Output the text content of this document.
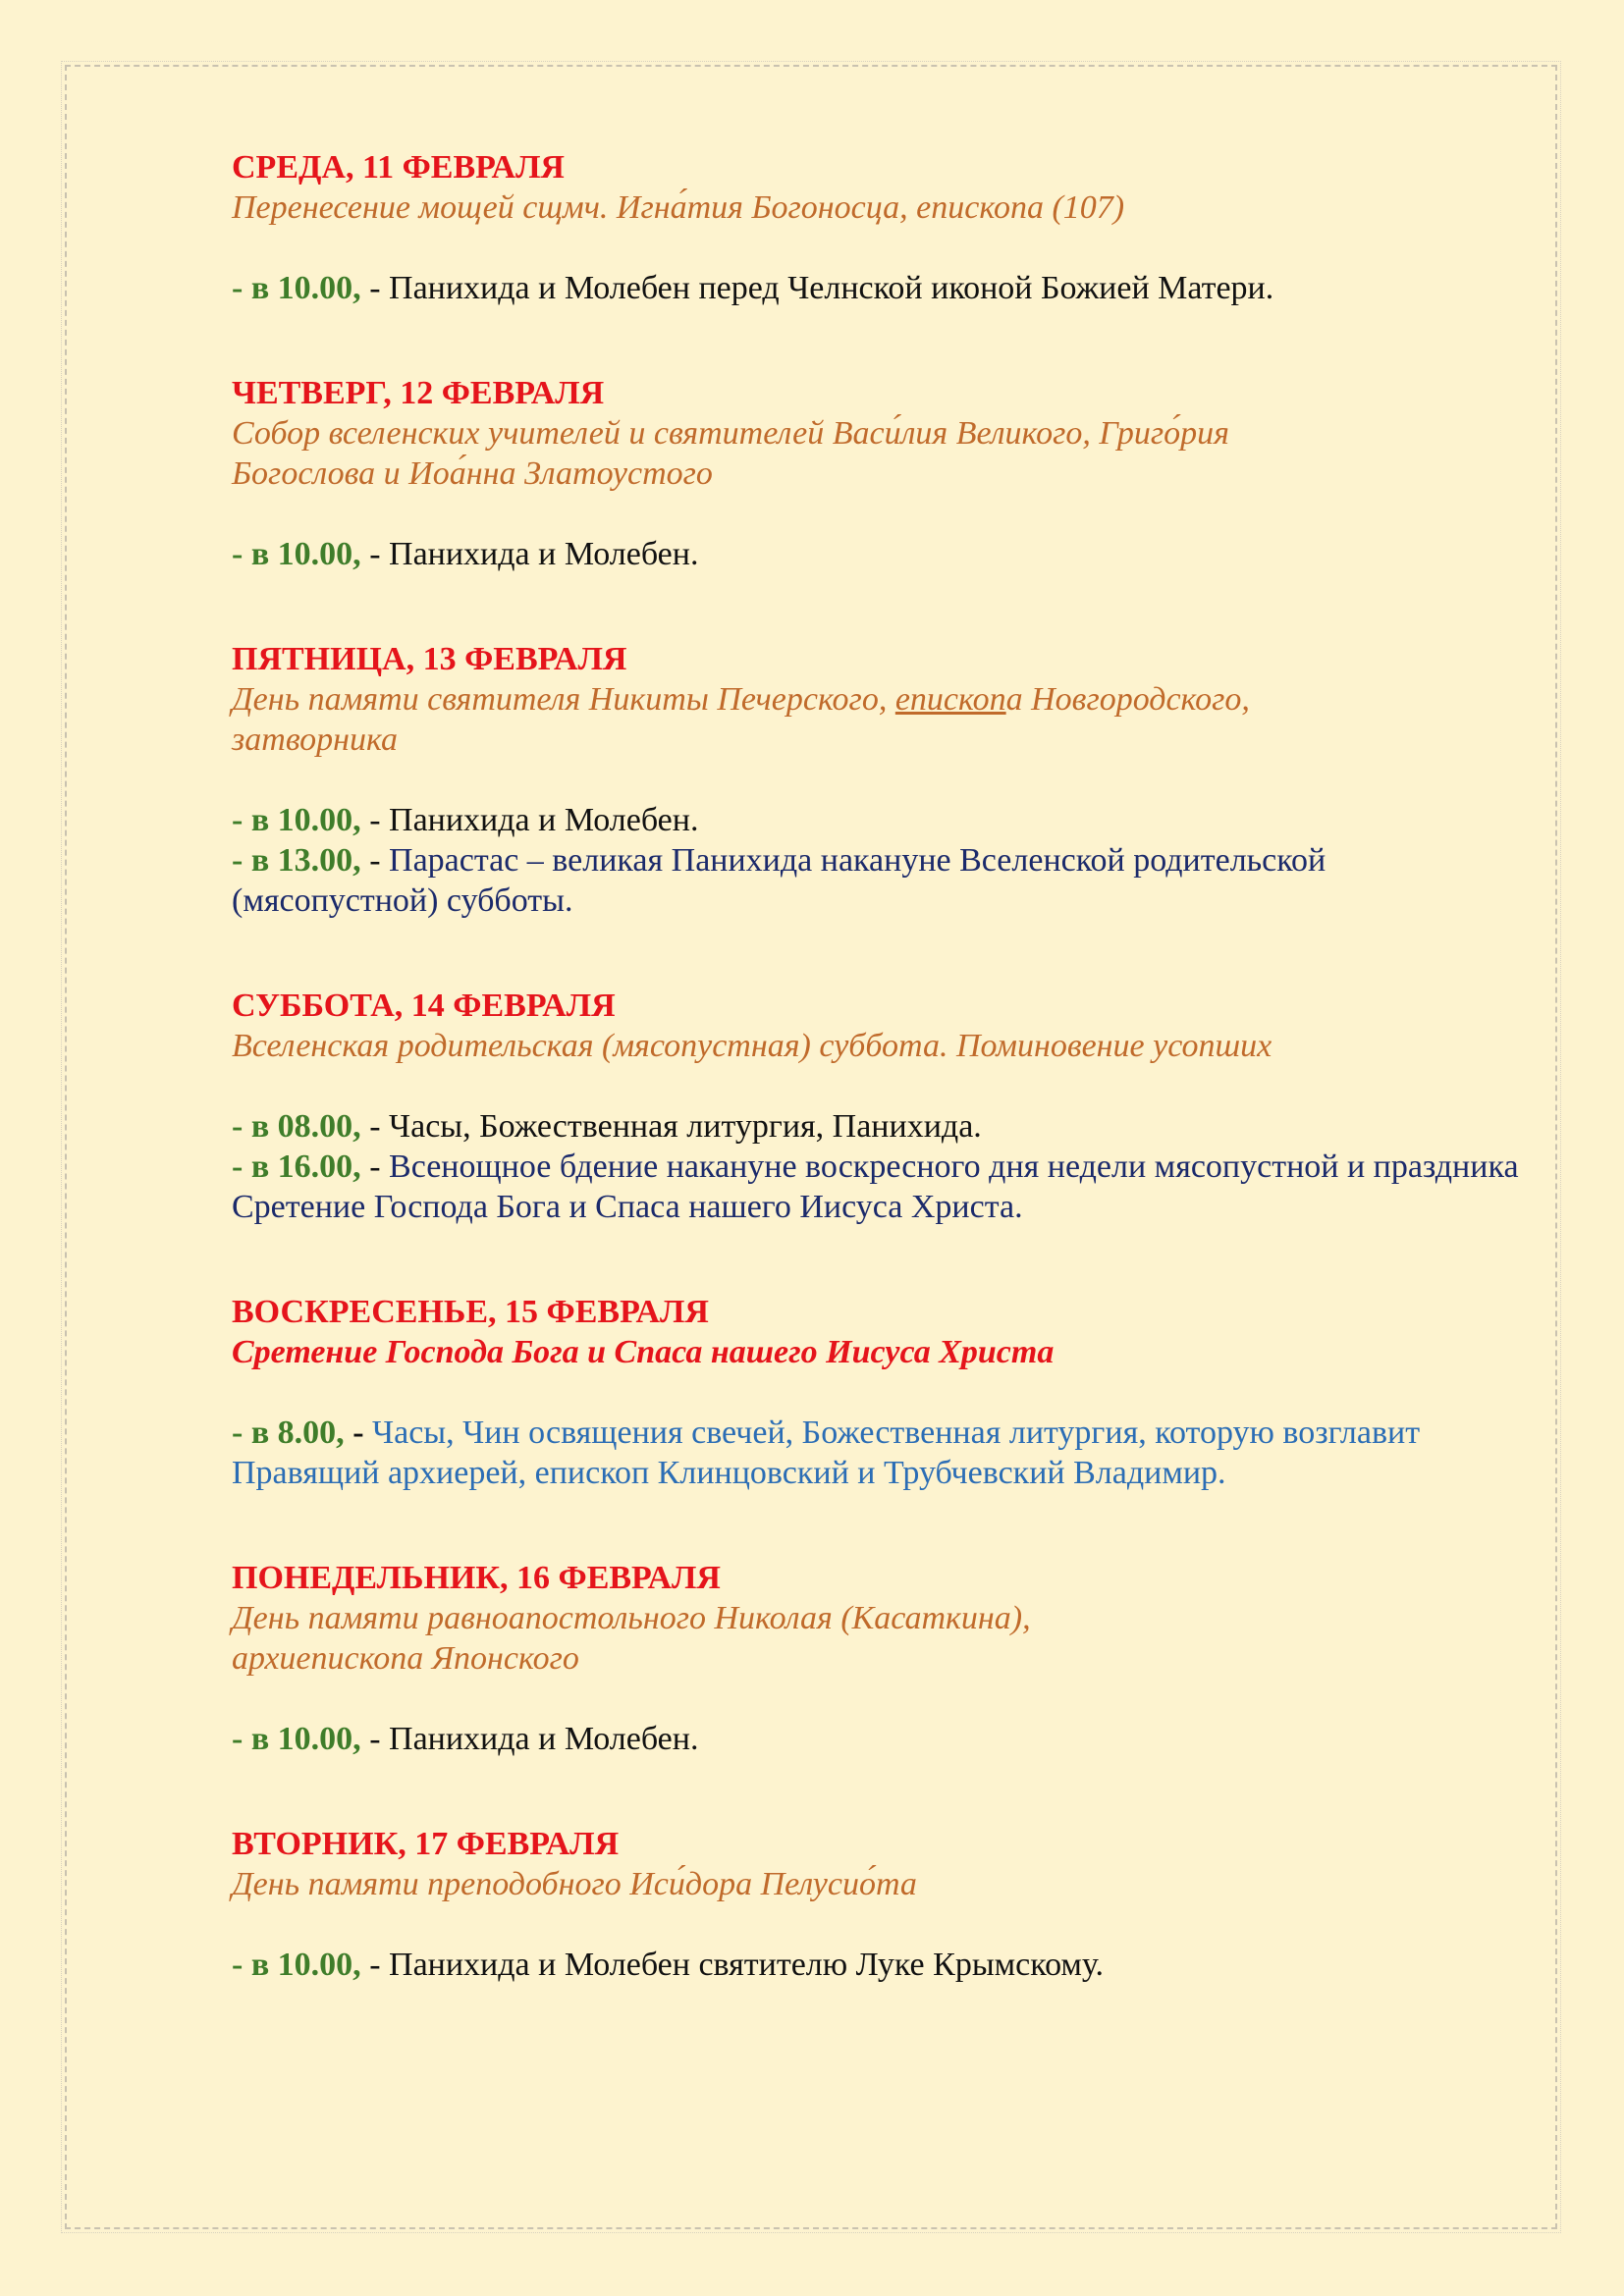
СРЕДА, 11 ФЕВРАЛЯ
Перенесение мощей сщмч. Игна́тия Богоносца, епископа (107)
- в 10.00, - Панихида и Молебен перед Челнской иконой Божией Матери.
ЧЕТВЕРГ, 12 ФЕВРАЛЯ
Собор вселенских учителей и святителей Васи́лия Великого, Григо́рия
Богослова и Иоа́нна Златоустого
- в 10.00, - Панихида и Молебен.
ПЯТНИЦА, 13 ФЕВРАЛЯ
День памяти святителя Никиты Печерского, епископа Новгородского,
затворника
- в 10.00, - Панихида и Молебен.
- в 13.00, - Парастас – великая Панихида накануне Вселенской родительской (мясопустной) субботы.
СУББОТА, 14 ФЕВРАЛЯ
Вселенская родительская (мясопустная) суббота. Поминовение усопших
- в 08.00, - Часы, Божественная литургия, Панихида.
- в 16.00, - Всенощное бдение накануне воскресного дня недели мясопустной и праздника Сретение Господа Бога и Спаса нашего Иисуса Христа.
ВОСКРЕСЕНЬЕ, 15 ФЕВРАЛЯ
Сретение Господа Бога и Спаса нашего Иисуса Христа
- в 8.00, - Часы, Чин освящения свечей, Божественная литургия, которую возглавит Правящий архиерей, епископ Клинцовский и Трубчевский Владимир.
ПОНЕДЕЛЬНИК, 16 ФЕВРАЛЯ
День памяти равноапостольного Николая (Касаткина),
архиепископа Японского
- в 10.00, - Панихида и Молебен.
ВТОРНИК, 17 ФЕВРАЛЯ
День памяти преподобного Иси́дора Пелусио́та
- в 10.00, - Панихида и Молебен святителю Луке Крымскому.
